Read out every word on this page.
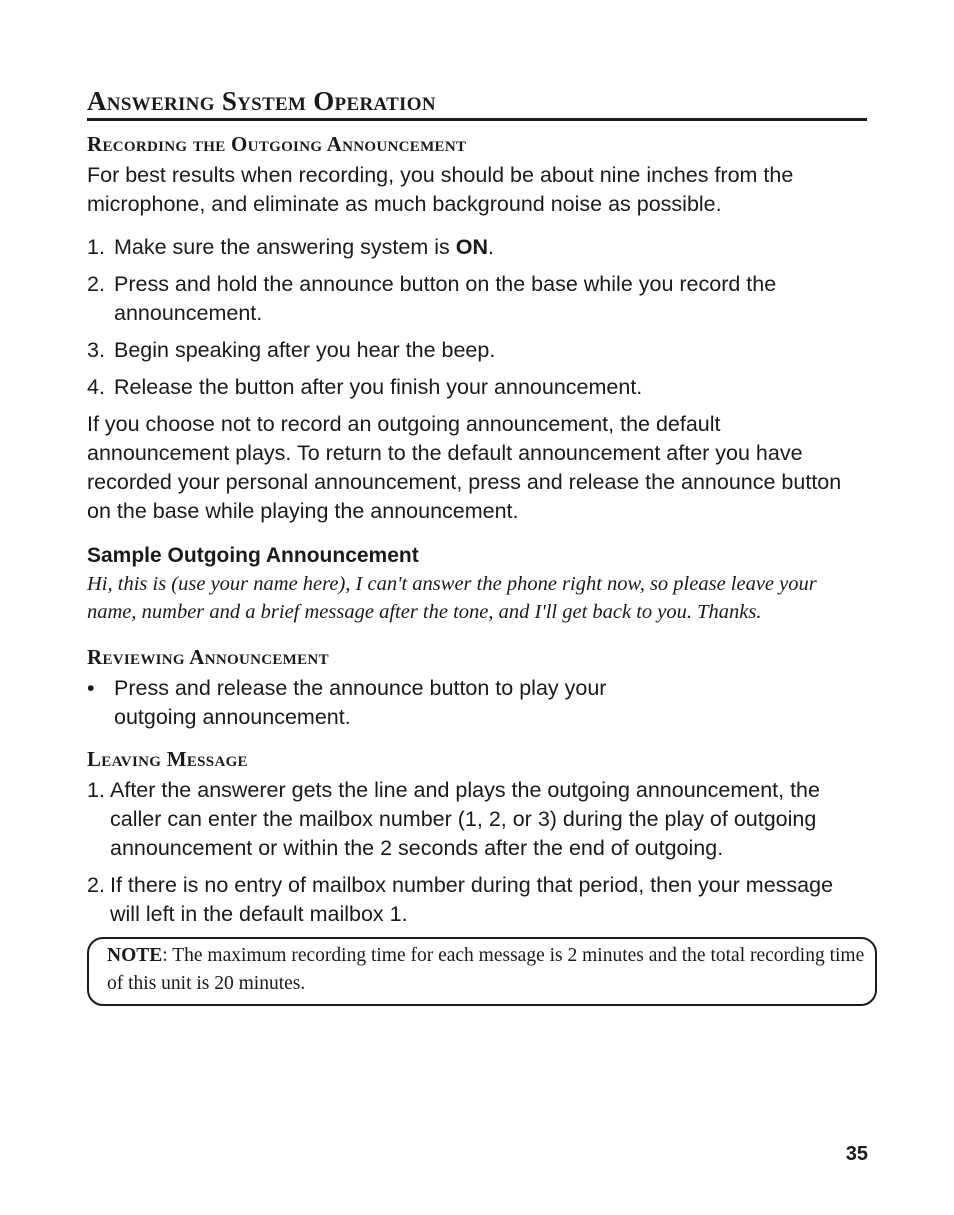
Answering System Operation
Recording the Outgoing Announcement

For best results when recording, you should be about nine inches from the microphone, and eliminate as much background noise as possible.

1. Make sure the answering system is ON.
2. Press and hold the announce button on the base while you record the announcement.
3. Begin speaking after you hear the beep.
4. Release the button after you finish your announcement.

If you choose not to record an outgoing announcement, the default announcement plays. To return to the default announcement after you have recorded your personal announcement, press and release the announce button on the base while playing the announcement.

Sample Outgoing Announcement

Hi, this is (use your name here), I can't answer the phone right now, so please leave your name, number and a brief message after the tone, and I'll get back to you. Thanks.

Reviewing Announcement
• Press and release the announce button to play your outgoing announcement.
Leaving Message
1. After the answerer gets the line and plays the outgoing announcement, the caller can enter the mailbox number (1, 2, or 3) during the play of outgoing announcement or within the 2 seconds after the end of outgoing.
2. If there is no entry of mailbox number during that period, then your message will left in the default mailbox 1.
NOTE: The maximum recording time for each message is 2 minutes and the total recording time of this unit is 20 minutes.
35
